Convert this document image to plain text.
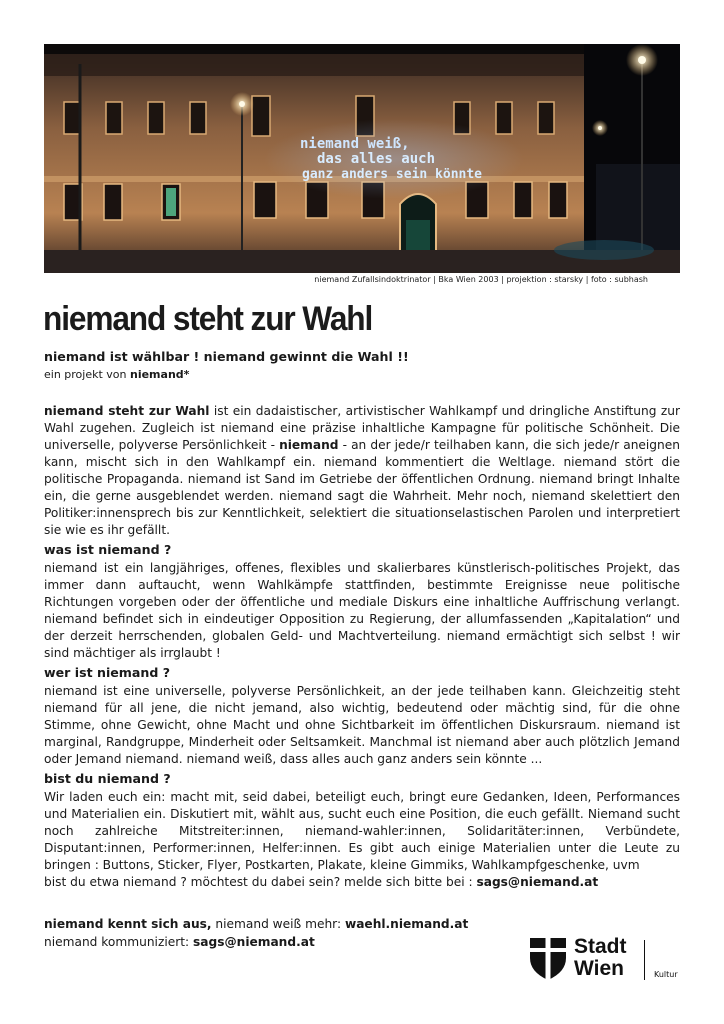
niemand weiß,
das alles auch
ganz anders sein könnte
niemand Zufallsindoktrinator | Bka Wien 2003 | projektion : starsky | foto : subhash
niemand steht zur Wahl
niemand ist wählbar ! niemand gewinnt die Wahl !!
ein projekt von niemand*

niemand steht zur Wahl ist ein dadaistischer, artivistischer Wahlkampf und dringliche Anstiftung zur Wahl zugehen. Zugleich ist niemand eine präzise inhaltliche Kampagne für politische Schönheit. Die universelle, polyverse Persönlichkeit - niemand - an der jede/r teilhaben kann, die sich jede/r aneignen kann, mischt sich in den Wahlkampf ein. niemand kommentiert die Weltlage. niemand stört die politische Propaganda. niemand ist Sand im Getriebe der öffentlichen Ordnung. niemand bringt Inhalte ein, die gerne ausgeblendet werden. niemand sagt die Wahrheit. Mehr noch, niemand skelettiert den Politiker:innensprech bis zur Kenntlichkeit, selektiert die situationselastischen Parolen und interpretiert sie wie es ihr gefällt.

was ist niemand ?

niemand ist ein langjähriges, offenes, flexibles und skalierbares künstlerisch-politisches Projekt, das immer dann auftaucht, wenn Wahlkämpfe stattfinden, bestimmte Ereignisse neue politische Richtungen vorgeben oder der öffentliche und mediale Diskurs eine inhaltliche Auffrischung verlangt. niemand befindet sich in eindeutiger Opposition zu Regierung, der allumfassenden „Kapitalation“ und der derzeit herrschenden, globalen Geld- und Machtverteilung. niemand ermächtigt sich selbst ! wir sind mächtiger als irrglaubt !

wer ist niemand ?

niemand ist eine universelle, polyverse Persönlichkeit, an der jede teilhaben kann. Gleichzeitig steht niemand für all jene, die nicht jemand, also wichtig, bedeutend oder mächtig sind, für die ohne Stimme, ohne Gewicht, ohne Macht und ohne Sichtbarkeit im öffentlichen Diskursraum. niemand ist marginal, Randgruppe, Minderheit oder Seltsamkeit. Manchmal ist niemand aber auch plötzlich Jemand oder Jemand niemand. niemand weiß, dass alles auch ganz anders sein könnte ...

bist du niemand ?

Wir laden euch ein: macht mit, seid dabei, beteiligt euch, bringt eure Gedanken, Ideen, Performances und Materialien ein. Diskutiert mit, wählt aus, sucht euch eine Position, die euch gefällt. Niemand sucht noch zahlreiche Mitstreiter:innen, niemand-wahler:innen, Solidaritäter:innen, Verbündete, Disputant:innen, Performer:innen, Helfer:innen. Es gibt auch einige Materialien unter die Leute zu bringen : Buttons, Sticker, Flyer, Postkarten, Plakate, kleine Gimmiks, Wahlkampfgeschenke, uvm

bist du etwa niemand ? möchtest du dabei sein? melde sich bitte bei : sags@niemand.at

niemand kennt sich aus, niemand weiß mehr: waehl.niemand.at
niemand kommuniziert: sags@niemand.at	Stadt
Wien	Kultur
